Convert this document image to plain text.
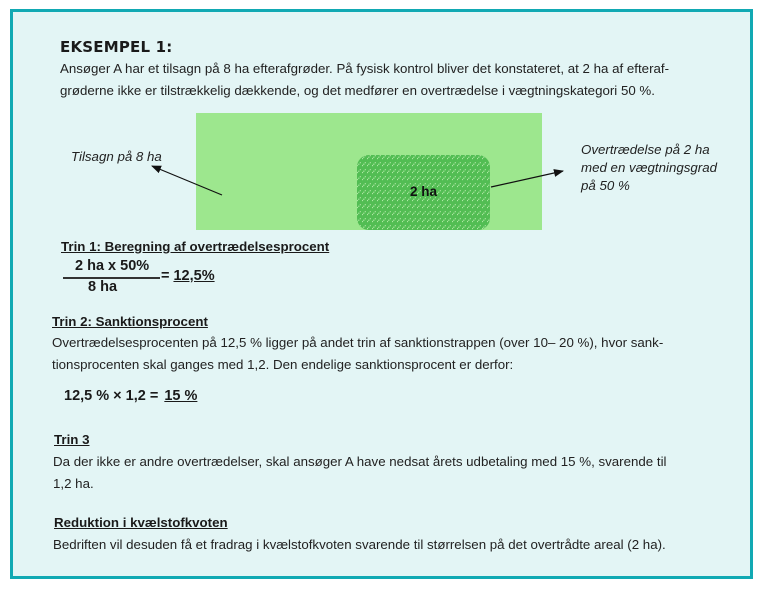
EKSEMPEL 1:
Ansøger A har et tilsagn på 8 ha efterafgrøder. På fysisk kontrol bliver det konstateret, at 2 ha af efteraf-
grøderne ikke er tilstrækkelig dækkende, og det medfører en overtrædelse i vægtningskategori 50 %.
2 ha
Tilsagn på 8 ha	Overtrædelse på 2 ha
med en vægtningsgrad
på 50 %
Trin 1: Beregning af overtrædelsesprocent
2 ha x 50%
8 ha
= 12,5%
Trin 2: Sanktionsprocent
Overtrædelsesprocenten på 12,5 % ligger på andet trin af sanktionstrappen (over 10– 20 %), hvor sank-
tionsprocenten skal ganges med 1,2. Den endelige sanktionsprocent er derfor:
12,5 % × 1,2 = 15 %
Trin 3
Da der ikke er andre overtrædelser, skal ansøger A have nedsat årets udbetaling med 15 %, svarende til
1,2 ha.
Reduktion i kvælstofkvoten
Bedriften vil desuden få et fradrag i kvælstofkvoten svarende til størrelsen på det overtrådte areal (2 ha).
